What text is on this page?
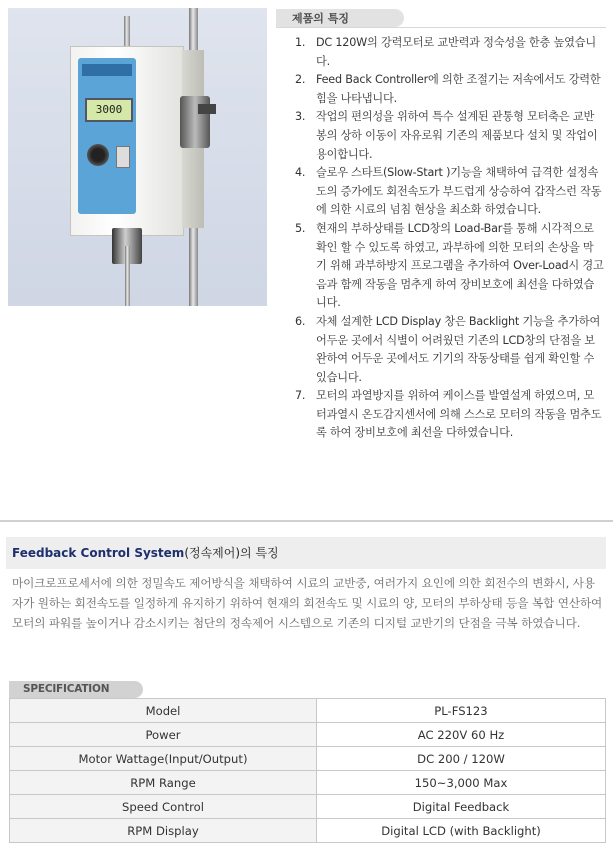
3000
제품의 특징
1. DC 120W의 강력모터로 교반력과 정숙성을 한층 높였습니다.
2. Feed Back Controller에 의한 조절기는 저속에서도 강력한 힘을 나타냅니다.
3. 작업의 편의성을 위하여 특수 설계된 관통형 모터축은 교반봉의 상하 이동이 자유로워 기존의 제품보다 설치 및 작업이 용이합니다.
4. 슬로우 스타트(Slow-Start )기능을 채택하여 급격한 설정속도의 증가에도 회전속도가 부드럽게 상승하여 갑작스런 작동에 의한 시료의 넘침 현상을 최소화 하였습니다.
5. 현재의 부하상태를 LCD창의 Load-Bar를 통해 시각적으로 확인 할 수 있도록 하였고, 과부하에 의한 모터의 손상을 막기 위해 과부하방지 프로그램을 추가하여 Over-Load시 경고음과 함께 작동을 멈추게 하여 장비보호에 최선을 다하였습니다.
6. 자체 설계한 LCD Display 창은 Backlight 기능을 추가하여 어두운 곳에서 식별이 어려웠던 기존의 LCD창의 단점을 보완하여 어두운 곳에서도 기기의 작동상태를 쉽게 확인할 수 있습니다.
7. 모터의 과열방지를 위하여 케이스를 발열설계 하였으며, 모터과열시 온도감지센서에 의해 스스로 모터의 작동을 멈추도록 하여 장비보호에 최선을 다하였습니다.
Feedback Control System(정속제어)의 특징

마이크로프로세서에 의한 정밀속도 제어방식을 채택하여 시료의 교반중, 여러가지 요인에 의한 회전수의 변화시, 사용자가 원하는 회전속도를 일정하게 유지하기 위하여 현재의 회전속도 및 시료의 양, 모터의 부하상태 등을 복합 연산하여 모터의 파워를 높이거나 감소시키는 첨단의 정속제어 시스템으로 기존의 디지털 교반기의 단점을 극복 하였습니다.

SPECIFICATION
Model	PL-FS123
Power	AC 220V 60 Hz
Motor Wattage(Input/Output)	DC 200 / 120W
RPM Range	150~3,000 Max
Speed Control	Digital Feedback
RPM Display	Digital LCD (with Backlight)
